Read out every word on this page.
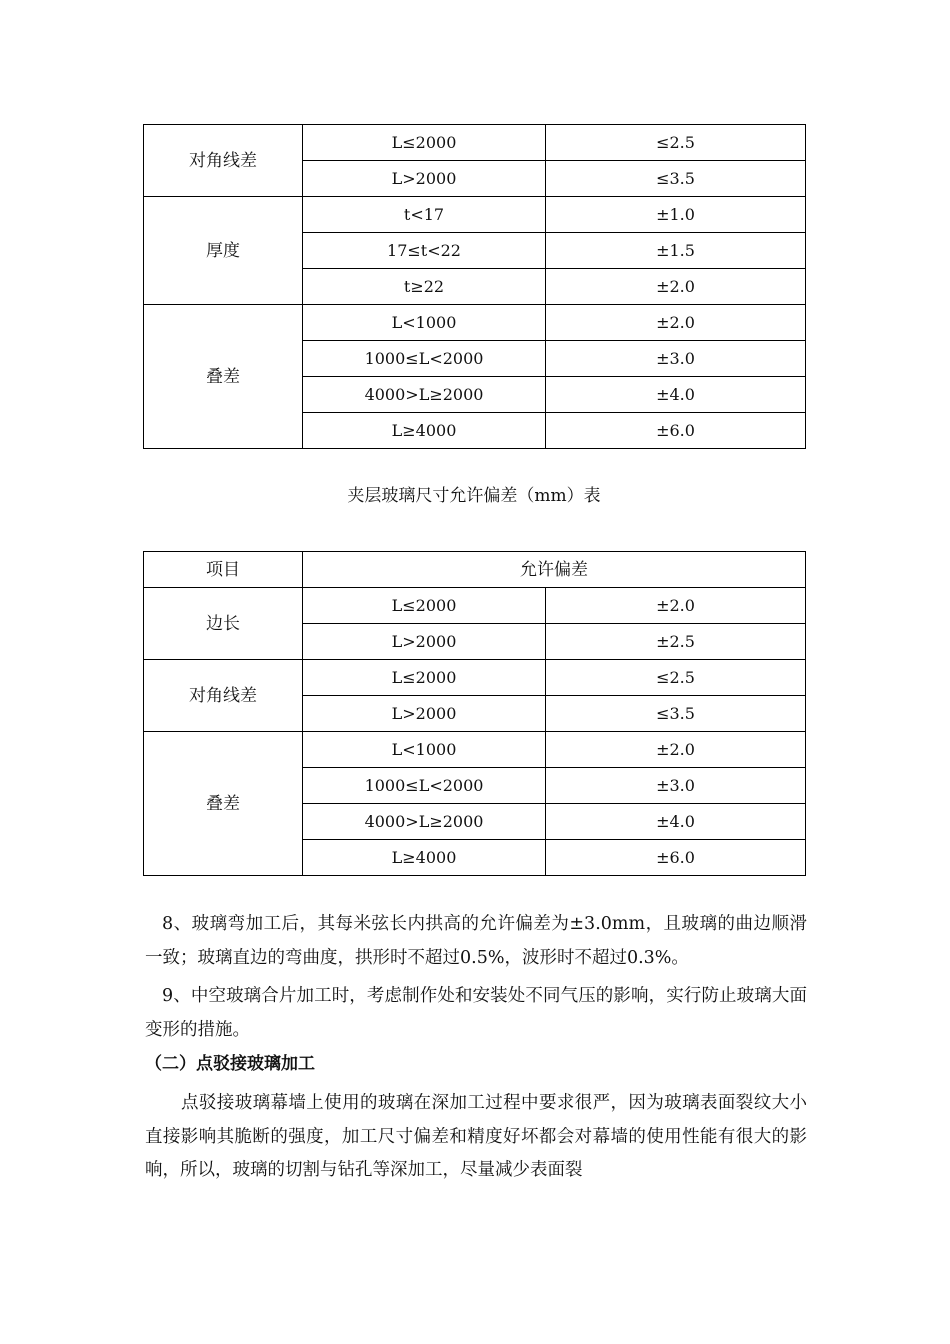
对角线差	L≤2000	≤2.5
	L>2000	≤3.5
厚度	t<17	±1.0
	17≤t<22	±1.5
	t≥22	±2.0
叠差	L<1000	±2.0
	1000≤L<2000	±3.0
	4000>L≥2000	±4.0
	L≥4000	±6.0
夹层玻璃尺寸允许偏差（mm）表
项目	允许偏差	
边长	L≤2000	±2.0
	L>2000	±2.5
对角线差	L≤2000	≤2.5
	L>2000	≤3.5
叠差	L<1000	±2.0
	1000≤L<2000	±3.0
	4000>L≥2000	±4.0
	L≥4000	±6.0

8、玻璃弯加工后，其每米弦长内拱高的允许偏差为±3.0mm，且玻璃的曲边顺滑一致；玻璃直边的弯曲度，拱形时不超过0.5%，波形时不超过0.3%。

9、中空玻璃合片加工时，考虑制作处和安装处不同气压的影响，实行防止玻璃大面变形的措施。

（二）点驳接玻璃加工

点驳接玻璃幕墙上使用的玻璃在深加工过程中要求很严，因为玻璃表面裂纹大小直接影响其脆断的强度，加工尺寸偏差和精度好坏都会对幕墙的使用性能有很大的影响，所以，玻璃的切割与钻孔等深加工，尽量减少表面裂
